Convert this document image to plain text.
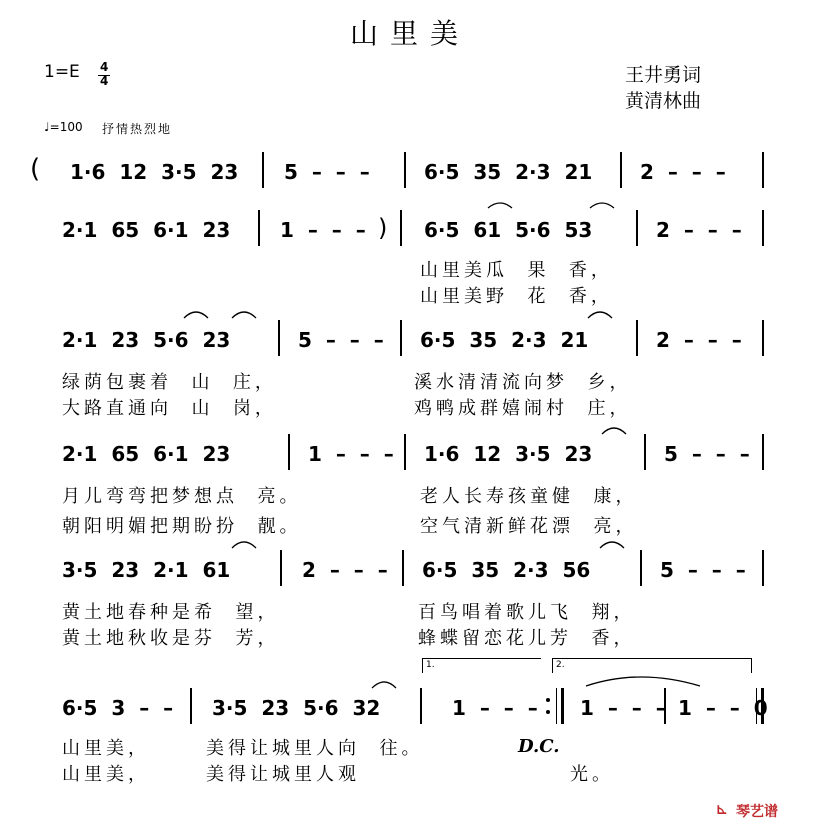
山里美
1=E 4
4	王井勇词
黄清林曲
♩=100 抒情热烈地
( 1·6  12  3·5  23 5  –  –  –	6·5  35  2·3  21 2  –  –  –
2·1  65  6·1  23 1  –  –  – ) 6·5  61  5·6  53	2  –  –  –
山里美瓜  果  香，
山里美野  花  香，
2·1  23  5·6  23	5  –  –  – 6·5  35  2·3  21	2  –  –  –
绿荫包裹着  山  庄，	溪水清清流向梦  乡，
大路直通向  山  岗，	鸡鸭成群嬉闹村  庄，
2·1  65  6·1  23	1  –  –  – 1·6  12  3·5  23	5  –  –  –
月儿弯弯把梦想点  亮。	老人长寿孩童健  康，
朝阳明媚把期盼扮  靓。	空气清新鲜花漂  亮，
3·5  23  2·1  61	2  –  –  – 6·5  35  2·3  56	5  –  –  –
黄土地春种是希  望，	百鸟唱着歌儿飞  翔，
黄土地秋收是芬  芳，	蜂蝶留恋花儿芳  香，
1.	2.
6·5  3  –  – 3·5  23  5·6  32	1  –  –  – 1  –  –  – 1  –  –  0
山里美，	美得让城里人向  往。	D.C.
山里美，	美得让城里人观	光。
琴艺谱
⊾
